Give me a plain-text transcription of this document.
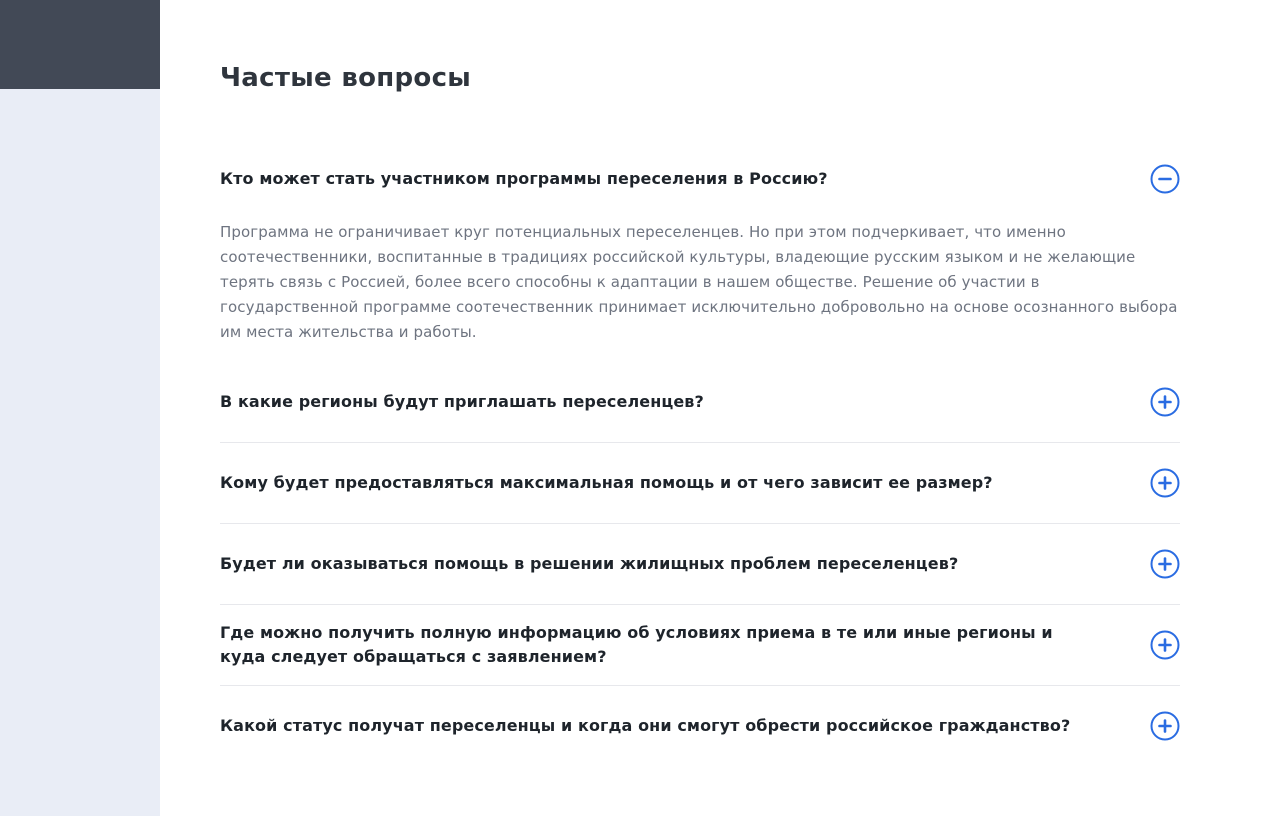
Частые вопросы
Кто может стать участником программы переселения в Россию?

Программа не ограничивает круг потенциальных переселенцев. Но при этом подчеркивает, что именно соотечественники, воспитанные в традициях российской культуры, владеющие русским языком и не желающие терять связь с Россией, более всего способны к адаптации в нашем обществе. Решение об участии в государственной программе соотечественник принимает исключительно добровольно на основе осознанного выбора им места жительства и работы.

В какие регионы будут приглашать переселенцев?
Кому будет предоставляться максимальная помощь и от чего зависит ее размер?
Будет ли оказываться помощь в решении жилищных проблем переселенцев?
Где можно получить полную информацию об условиях приема в те или иные регионы и куда следует обращаться с заявлением?
Какой статус получат переселенцы и когда они смогут обрести российское гражданство?
